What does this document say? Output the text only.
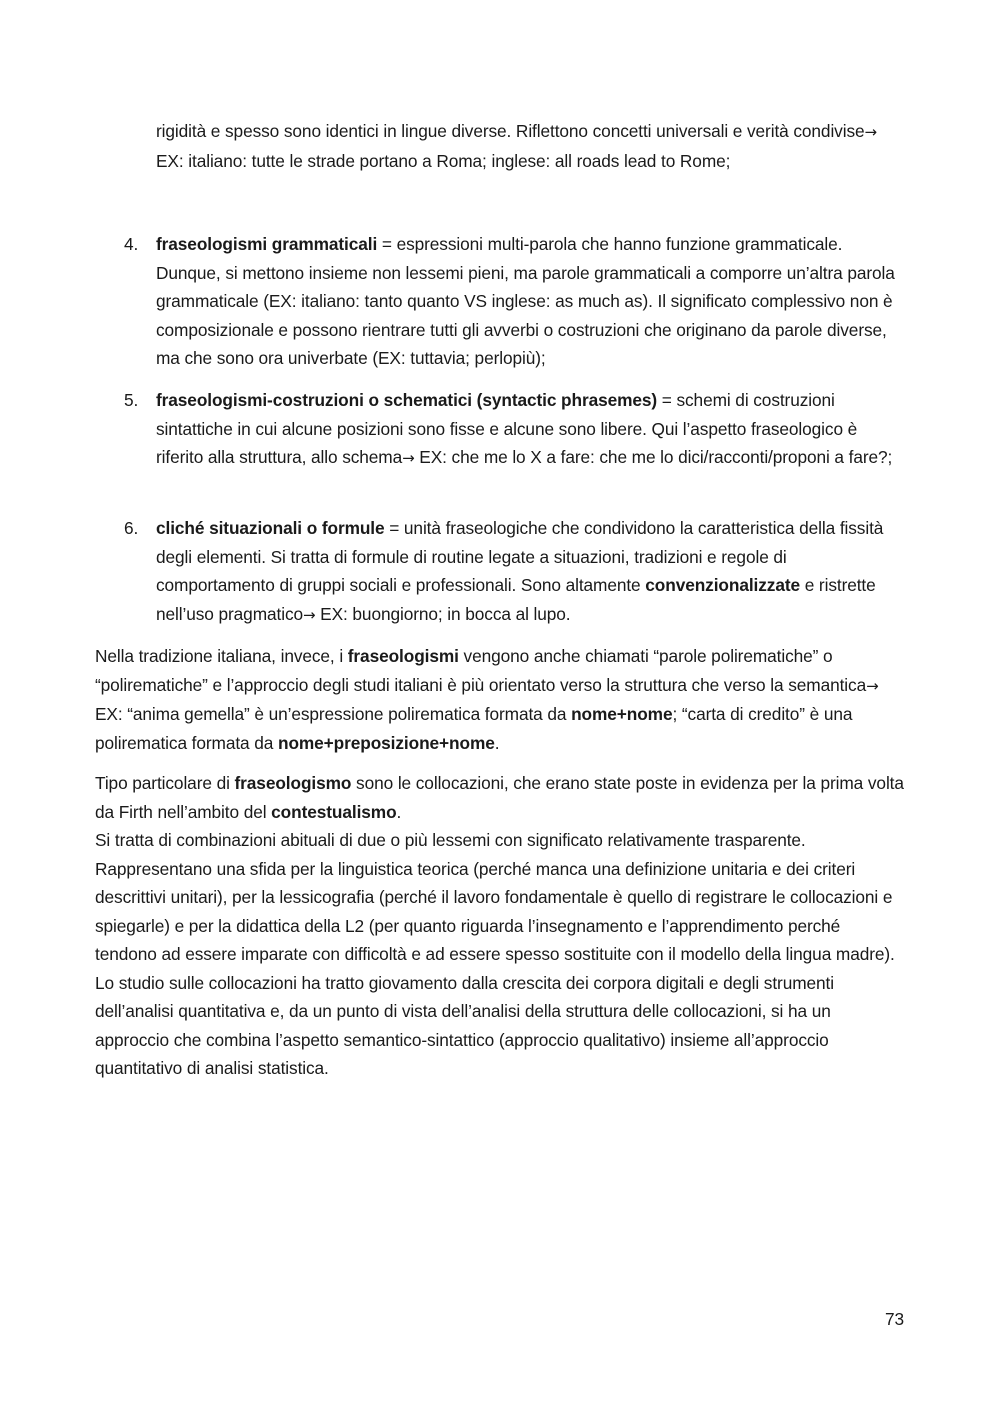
rigidità e spesso sono identici in lingue diverse. Riflettono concetti universali e verità condivise→ EX: italiano: tutte le strade portano a Roma; inglese: all roads lead to Rome;

4. fraseologismi grammaticali = espressioni multi-parola che hanno funzione grammaticale. Dunque, si mettono insieme non lessemi pieni, ma parole grammaticali a comporre un’altra parola grammaticale (EX: italiano: tanto quanto VS inglese: as much as). Il significato complessivo non è composizionale e possono rientrare tutti gli avverbi o costruzioni che originano da parole diverse, ma che sono ora univerbate (EX: tuttavia; perlopiù);

5. fraseologismi-costruzioni o schematici (syntactic phrasemes) = schemi di costruzioni sintattiche in cui alcune posizioni sono fisse e alcune sono libere. Qui l’aspetto fraseologico è riferito alla struttura, allo schema→ EX: che me lo X a fare: che me lo dici/racconti/proponi a fare?;

6. cliché situazionali o formule = unità fraseologiche che condividono la caratteristica della fissità degli elementi. Si tratta di formule di routine legate a situazioni, tradizioni e regole di comportamento di gruppi sociali e professionali. Sono altamente convenzionalizzate e ristrette nell’uso pragmatico→ EX: buongiorno; in bocca al lupo.

Nella tradizione italiana, invece, i fraseologismi vengono anche chiamati “parole polirematiche” o “polirematiche” e l’approccio degli studi italiani è più orientato verso la struttura che verso la semantica→ EX: “anima gemella” è un’espressione polirematica formata da nome+nome; “carta di credito” è una polirematica formata da nome+preposizione+nome.

Tipo particolare di fraseologismo sono le collocazioni, che erano state poste in evidenza per la prima volta da Firth nell’ambito del contestualismo.

Si tratta di combinazioni abituali di due o più lessemi con significato relativamente trasparente. Rappresentano una sfida per la linguistica teorica (perché manca una definizione unitaria e dei criteri descrittivi unitari), per la lessicografia (perché il lavoro fondamentale è quello di registrare le collocazioni e spiegarle) e per la didattica della L2 (per quanto riguarda l’insegnamento e l’apprendimento perché tendono ad essere imparate con difficoltà e ad essere spesso sostituite con il modello della lingua madre).

Lo studio sulle collocazioni ha tratto giovamento dalla crescita dei corpora digitali e degli strumenti dell’analisi quantitativa e, da un punto di vista dell’analisi della struttura delle collocazioni, si ha un approccio che combina l’aspetto semantico-sintattico (approccio qualitativo) insieme all’approccio quantitativo di analisi statistica.

73
